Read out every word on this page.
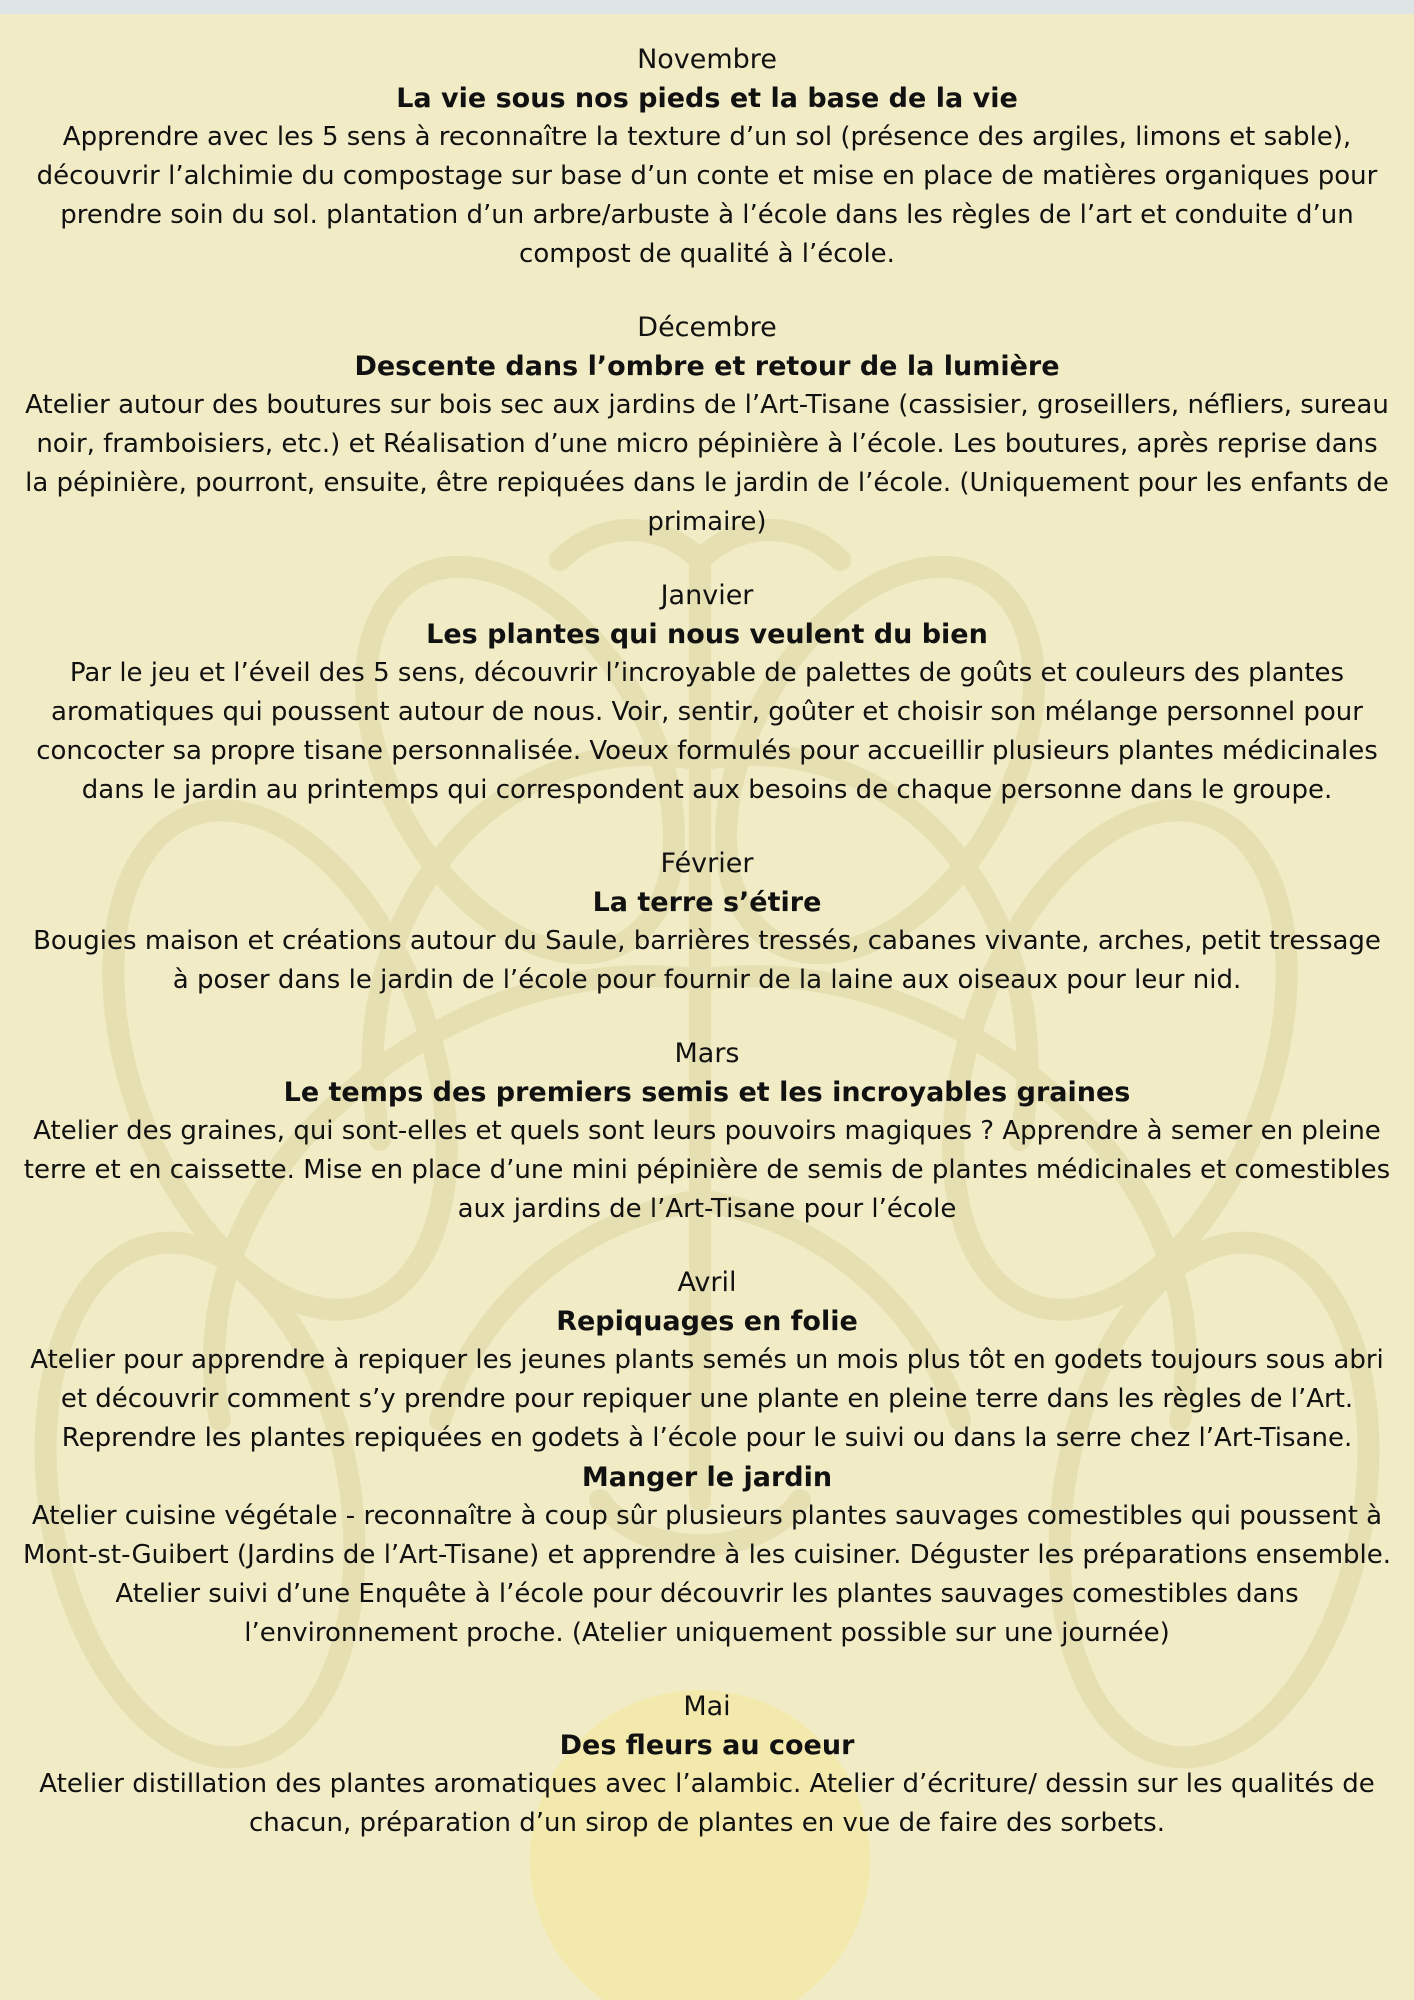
Novembre
La vie sous nos pieds et la base de la vie

Apprendre avec les 5 sens à reconnaître la texture d’un sol (présence des argiles, limons et sable), découvrir l’alchimie du compostage sur base d’un conte et mise en place de matières organiques pour prendre soin du sol. plantation d’un arbre/arbuste à l’école dans les règles de l’art et conduite d’un compost de qualité à l’école.

Décembre
Descente dans l’ombre et retour de la lumière

Atelier autour des boutures sur bois sec aux jardins de l’Art-Tisane (cassisier, groseillers, néfliers, sureau noir, framboisiers, etc.) et Réalisation d’une micro pépinière à l’école. Les boutures, après reprise dans la pépinière, pourront, ensuite, être repiquées dans le jardin de l’école. (Uniquement pour les enfants de primaire)

Janvier
Les plantes qui nous veulent du bien

Par le jeu et l’éveil des 5 sens, découvrir l’incroyable de palettes de goûts et couleurs des plantes aromatiques qui poussent autour de nous. Voir, sentir, goûter et choisir son mélange personnel pour concocter sa propre tisane personnalisée. Voeux formulés pour accueillir plusieurs plantes médicinales dans le jardin au printemps qui correspondent aux besoins de chaque personne dans le groupe.

Février
La terre s’étire

Bougies maison et créations autour du Saule, barrières tressés, cabanes vivante, arches, petit tressage à poser dans le jardin de l’école pour fournir de la laine aux oiseaux pour leur nid.

Mars
Le temps des premiers semis et les incroyables graines

Atelier des graines, qui sont-elles et quels sont leurs pouvoirs magiques ? Apprendre à semer en pleine terre et en caissette. Mise en place d’une mini pépinière de semis de plantes médicinales et comestibles aux jardins de l’Art-Tisane pour l’école

Avril
Repiquages en folie

Atelier pour apprendre à repiquer les jeunes plants semés un mois plus tôt en godets toujours sous abri et découvrir comment s’y prendre pour repiquer une plante en pleine terre dans les règles de l’Art. Reprendre les plantes repiquées en godets à l’école pour le suivi ou dans la serre chez l’Art-Tisane.

Manger le jardin

Atelier cuisine végétale - reconnaître à coup sûr plusieurs plantes sauvages comestibles qui poussent à Mont-st-Guibert (Jardins de l’Art-Tisane) et apprendre à les cuisiner. Déguster les préparations ensemble. Atelier suivi d’une Enquête à l’école pour découvrir les plantes sauvages comestibles dans l’environnement proche. (Atelier uniquement possible sur une journée)

Mai
Des fleurs au coeur

Atelier distillation des plantes aromatiques avec l’alambic. Atelier d’écriture/ dessin sur les qualités de chacun, préparation d’un sirop de plantes en vue de faire des sorbets.
